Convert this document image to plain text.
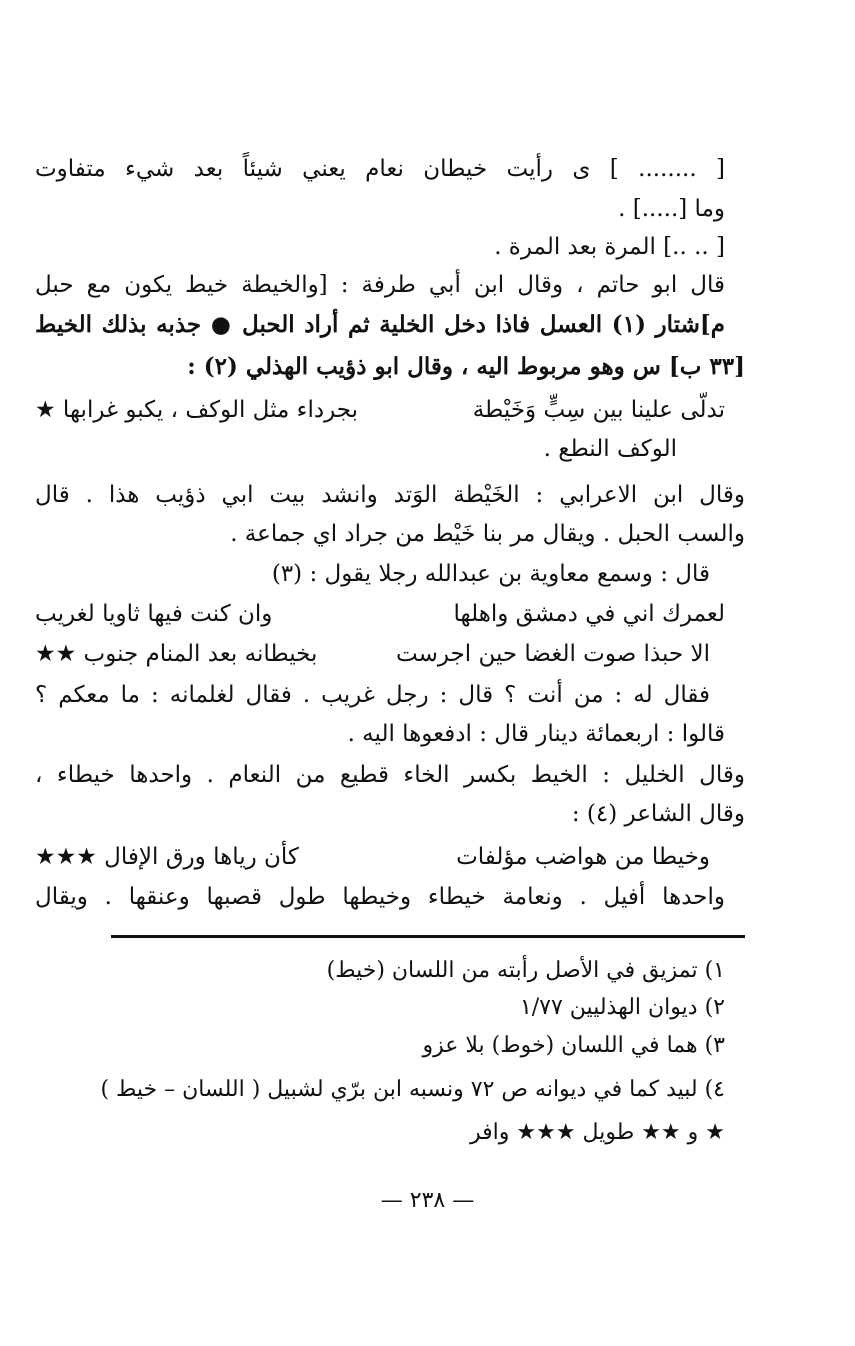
[ ........ ] ى رأيت خيطان نعام يعني شيئاً بعد شيء متفاوت
وما [.....] .
[ .. ..] المرة بعد المرة .
قال ابو حاتم ، وقال ابن أبي طرفة : [والخيطة خيط يكون مع حبل
م]شتار (١) العسل فاذا دخل الخلية ثم أراد الحبل ● جذبه بذلك الخيط
[٣٣ ب] س وهو مربوط اليه ، وقال ابو ذؤيب الهذلي (٢) :
تدلّى علينا بين سِبٍّ وَخَيْطة
بجرداء مثل الوكف ، يكبو غرابها ★
الوكف النطع .
وقال ابن الاعرابي : الخَيْطة الوَتد وانشد بيت ابي ذؤيب هذا . قال
والسب الحبل . ويقال مر بنا خَيْط من جراد اي جماعة .
قال : وسمع معاوية بن عبدالله رجلا يقول : (٣)
لعمرك اني في دمشق واهلها
وان كنت فيها ثاويا لغريب
الا حبذا صوت الغضا حين اجرست
بخيطانه بعد المنام جنوب ★★
فقال له : من أنت ؟ قال : رجل غريب . فقال لغلمانه : ما معكم ؟
قالوا : اربعمائة دينار قال : ادفعوها اليه .
وقال الخليل : الخيط بكسر الخاء قطيع من النعام . واحدها خيطاء ،
وقال الشاعر (٤) :
وخيطا من هواضب مؤلفات
كأن رياها ورق الإفال ★★★
واحدها أفيل . ونعامة خيطاء وخيطها طول قصبها وعنقها . ويقال
١) تمزيق في الأصل رأبته من اللسان (خيط)
٢) ديوان الهذليين ١/٧٧
٣) هما في اللسان (خوط) بلا عزو
٤) لبيد كما في ديوانه ص ٧٢ ونسبه ابن برّي لشبيل ( اللسان – خيط )
★ و ★★ طويل ★★★ وافر
— ٢٣٨ —
